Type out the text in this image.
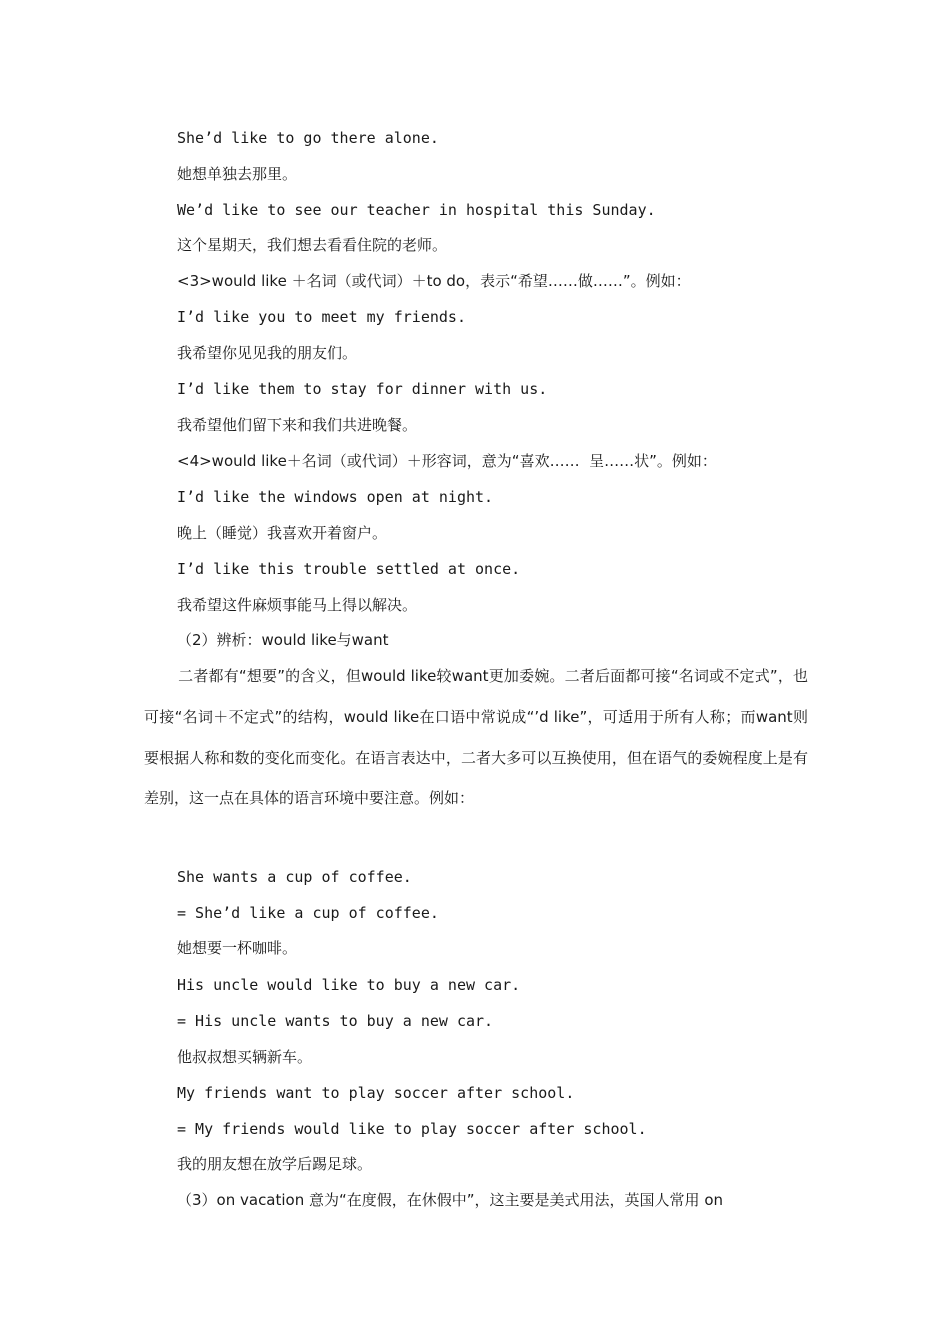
She’d like to go there alone.

她想单独去那里。

We’d like to see our teacher in hospital this Sunday.

这个星期天，我们想去看看住院的老师。

<3>would like ＋名词（或代词）＋to do，表示“希望……做……”。例如：

I’d like you to meet my friends.

我希望你见见我的朋友们。

I’d like them to stay for dinner with us.

我希望他们留下来和我们共进晚餐。

<4>would like＋名词（或代词）＋形容词，意为“喜欢……  呈……状”。例如：

I’d like the windows open at night.

晚上（睡觉）我喜欢开着窗户。

I’d like this trouble settled at once.

我希望这件麻烦事能马上得以解决。

（2）辨析：would like与want

二者都有“想要”的含义，但would like较want更加委婉。二者后面都可接“名词或不定式”，也可接“名词＋不定式”的结构，would like在口语中常说成“’d like”，可适用于所有人称；而want则要根据人称和数的变化而变化。在语言表达中，二者大多可以互换使用，但在语气的委婉程度上是有差别，这一点在具体的语言环境中要注意。例如：

She wants a cup of coffee.

= She’d like a cup of coffee.

她想要一杯咖啡。

His uncle would like to buy a new car.

= His uncle wants to buy a new car.

他叔叔想买辆新车。

My friends want to play soccer after school.

= My friends would like to play soccer after school.

我的朋友想在放学后踢足球。

（3）on vacation 意为“在度假，在休假中”，这主要是美式用法，英国人常用 on
